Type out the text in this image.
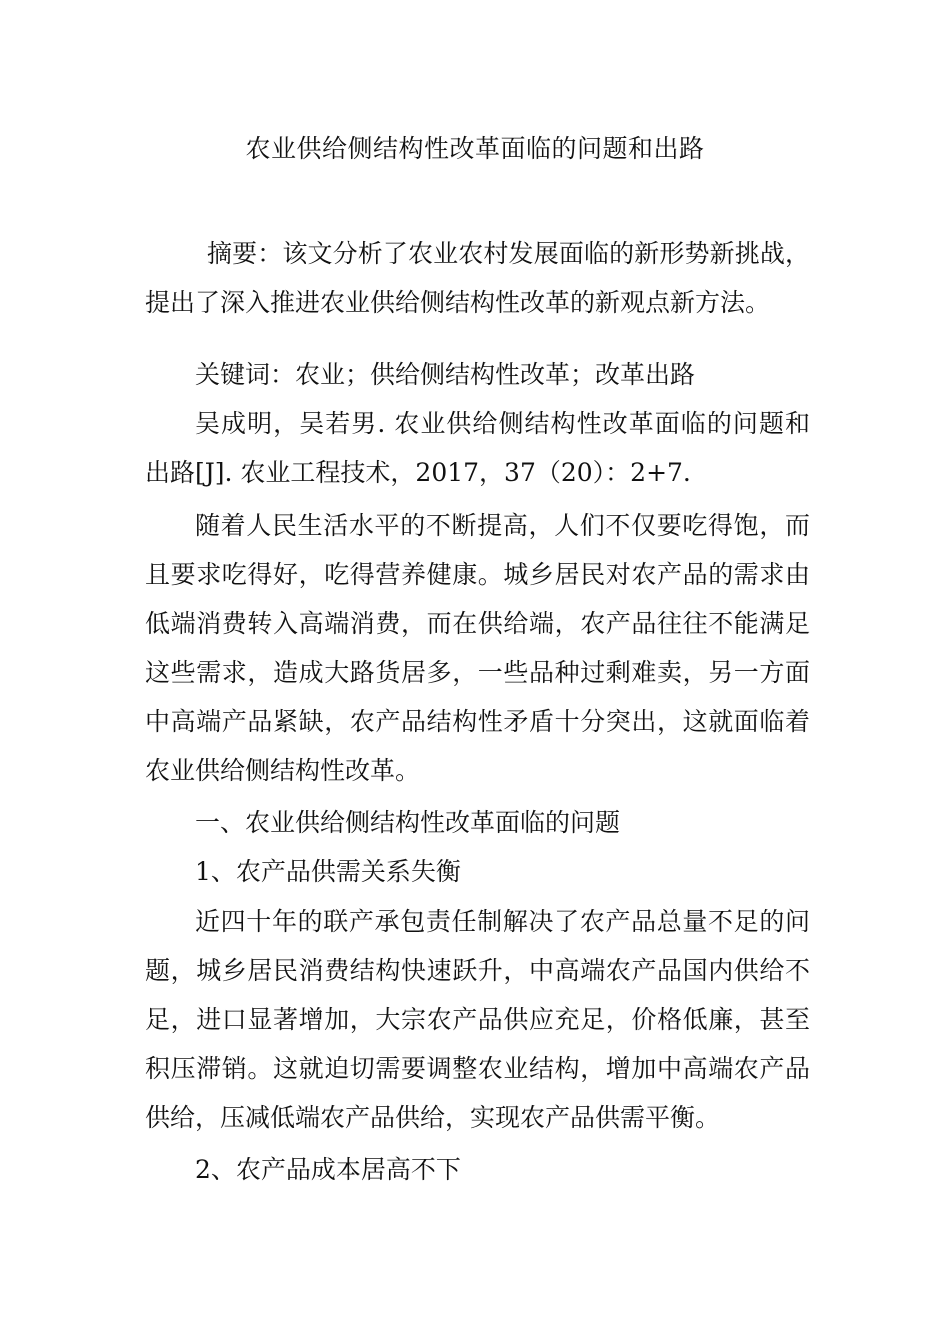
农业供给侧结构性改革面临的问题和出路

摘要：该文分析了农业农村发展面临的新形势新挑战，提出了深入推进农业供给侧结构性改革的新观点新方法。

关键词：农业；供给侧结构性改革；改革出路

吴成明，吴若男. 农业供给侧结构性改革面临的问题和出路[J]. 农业工程技术，2017，37（20）：2+7.

随着人民生活水平的不断提高，人们不仅要吃得饱，而且要求吃得好，吃得营养健康。城乡居民对农产品的需求由低端消费转入高端消费，而在供给端，农产品往往不能满足这些需求，造成大路货居多，一些品种过剩难卖，另一方面中高端产品紧缺，农产品结构性矛盾十分突出，这就面临着农业供给侧结构性改革。

一、农业供给侧结构性改革面临的问题

1、农产品供需关系失衡

近四十年的联产承包责任制解决了农产品总量不足的问题，城乡居民消费结构快速跃升，中高端农产品国内供给不足，进口显著增加，大宗农产品供应充足，价格低廉，甚至积压滞销。这就迫切需要调整农业结构，增加中高端农产品供给，压减低端农产品供给，实现农产品供需平衡。

2、农产品成本居高不下
